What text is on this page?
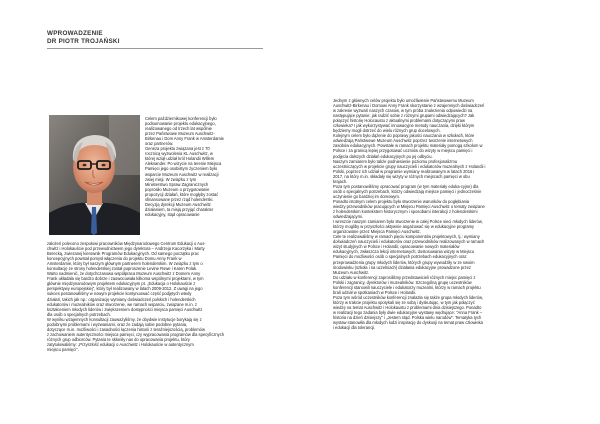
WPROWADZENIE
DR PIOTR TROJAŃSKI
Celem październikowej konferencji było
podsumowanie projektu edukacyjnego,
realizowanego od trzech lat wspólnie
przez Państwowe Muzeum Auschwitz-
Birkenau i Dom Anny Frank w Amsterdamie
oraz partnerów.
Geneza projektu związana jest z 70
rocznicą wyzwolenia KL Auschwitz, w
której wziął udział król Holandii Willem
Aleksander. Po wizycie na terenie Miejsca
Pamięci jego osobistym życzeniem było
wsparcie Muzeum Auschwitz w realizacji
zwiej misji. W związku z tym
Ministerstwo Spraw Zagranicznych
poprosiło Muzeum o przygotowanie
propozycji działań, które mogłyby zostać
sfinansowane przez rząd holenderski.
Decyzją dyrekcji Muzeum Auschwitz
działaniem, ta misją przyjąć charakter
edukacyjny, stąd opracowanie
założeń polecono zespołowi pracowników Międzynarodowego Centrum Edukacji o Aus-
chwitz i Holokauście pod przewodnictwem jego dyrektora – Andrzeja Kacorzyka i Marty
Berecką, zwiezanej kierownik Programów Edukacyjnych. Od samego początku prac
koncepcyjnych powstał pomysł włączenia do projektu Domu Anny Frank w
Amsterdamie, który był naszym głównym partnerem holenderskim. W związku z tym o
konsultację ze strony holenderskiej został poproszenie Levine Rowe i Karen Polak.
Warto nadmienić, że dotychczasowa współpraca Muzeum Auschwitz z Domem Anny
Frank układała się bardzo dobrze i zaowocowała kilkoma wspólnymi projektami, w tym
głównie międzynarodowym projektem edukacyjnym pt. „Edukacja o Holokauście z
perspektywy europejskiej", który był realizowany w latach 2009-2012. Z uwagi na jego
sukces postanowiliśmy w nowym projekcie kontynuować część podjętych wtedy
działań, takich jak np.: organizację wymiany doświadczeń polskich i holenderskich
edukatorów i muzealników oraz stworzenie, we ramach wsparciu, związane m.in. z
kształceniem młodych liderów i zwiększeniem dostępności miejsca pamięci Auschwitz
dla osób o specjalnych potrzebach.
W wyniku wzajemnych konsultacji zauważyliśmy, że obydwie instytucje borykają się z
podobnymi problemami i wyzwaniami, oraz że zadają sobie podobne pytania,
dotyczące m.in. możliwości i zasadności łączenia historii z teraźniejszością, problemów
z zachowaniem autentyczności miejsca pamięci, czy wypracowania programów dla specyficznych
różnych grup odbiorców. Pytania te skłoniły nas do opracowania projektu, który
zatytułowaliśmy: „Przyszłość edukacji o Auschwitz i Holokauście w autentycznym
miejscu pamięci".
Jednym z głównych celów projektu było umożliwienie Państwowemu Muzeum
Auschwitz-Birkenau i Domowi Anny Frank skorzystanie z wzajemnych doświadczeń
w zakresie wyzwań naszych czasów, w tym próba znalezienia odpowiedzi na
następujące pytanie: jak radzić sobie z różnymi grupami odwiedzających? Jak
połączyć historię Holocaustu z aktualnymi problemami dotyczącymi praw
człowieka? I jak wykorzystywać innowacyjne metody nauczania, dzięki którym
będziemy mogli dotrzeć do wielu różnych grup docelowych.
Kolejnym celem było dążenie do poprawy jakości nauczania w szkołach, które
odwiedzają Państwowe Muzeum Auschwitz poprzez tworzenie internetowych
zasobów edukacyjnych. Powstałe w ramach projektu materiały pomogą szkołom w
Polsce i za granicą lepiej przygotować uczniów do wizyty w miejscu pamięci i
podjęcia dalszych działań edukacyjnych po jej odbyciu.
Naszym zamiarem było także podniesienie poziomu profesjonalizmu
uczestniczących w projekcie grupy nauczycieli i edukatorów muzealnych z Holandii i
Polski, poprzez ich udział w programie wymiany realizowanym w latach 2016 i
2017, na który m.in. składały się wizyty w różnych miejscach pamięci w obu
krajach.
Poza tym postanowiliśmy opracować program (w tym materiały eduka-cyjne) dla
osób o specjalnych potrzebach, którzy odwiedzają miejsce pamięci i jednocześnie
uczynienie go bardziej im domowym.
Ponadto istotnym celem projektu było stworzenie warunków do pogłębiania
wiedzy przewodników pracujących w Miejscu Pamięci Auschwitz o tematy związane
z holenderskim kontekstem historycznym i sposobami interakcji z holenderskimi
odwiedzającymi.
I wreszcie naszym zamiarem było stworzenie w całej Polsce sieci młodych liderów,
którzy mogliby w przyszłości aktywnie angażować się w edukacyjne programy
organizowane przez Miejsca Pamięci Auschwitz.
Cele te realizowaliśmy w ramach pięciu komponentów projektowych, tj.: wymiany
doświadczeń nauczycieli i edukatorów oraz przewodników realizowanych w ramach
wizyt studyjnych w Polsce i Holandii; opracowanie nowych materiałów
edukacyjnych, zwłaszcza lekcji internetowych; dostosowania wizyty w Miejscu
Pamięci do możliwości osób o specjalnych potrzebach edukacyjnych oraz
przeprowadzenia grupy młodych liderów, których grupy wywodziły w ze swoim
środowisku (szkoła i na uczelniach) działania edukacyjne prowadzone przez
Muzeum Auschwitz.
Do udziału w konferencji zaprosiliśmy przedstawicieli różnych miejsc pamięci z
Polski i zagranicy, dyrektorów i muzealników. Szczególną grupę uczestników
konferencji stanowili nauczyciele i edukatorzy muzealni, którzy w ramach projektu
brali udział w spotkaniach w Polsce i Holandii.
Poza tym wśród uczestników konferencji znalazła się także grupa młodych liderów,
którzy w trakcie projektu spotykali się ze sobą i dyskutując, w tym jak połączyć
wiedzę na temat Auschwitz i Holokaustu z problemami dnia dzisiejszego. Ponadto
w realizacji tego zadania były dwie edukacyjne wystawy wędrujące: "Anna Frank –
historia na dzień dzisiejszy" i „Jestem stąd. Polska wielu narodów". Tematyka tych
wystaw stanowiła dla młodych ludzi inspirację do dyskusji na temat praw człowieka
i edukacji dla tolerancji.
